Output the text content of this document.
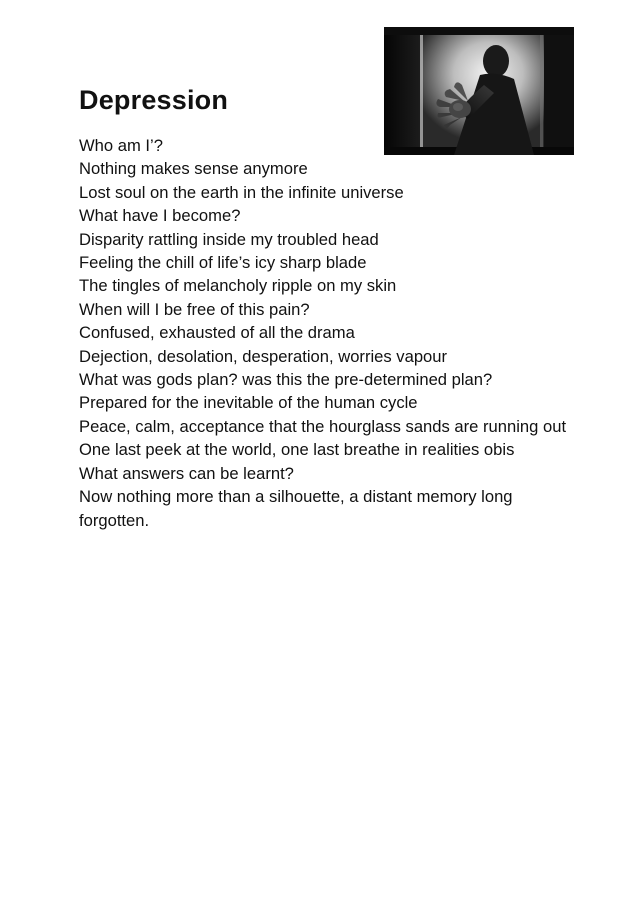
Depression
Who am I’?
Nothing makes sense anymore
Lost soul on the earth in the infinite universe
What have I become?
Disparity rattling inside my troubled head
Feeling the chill of life’s icy sharp blade
The tingles of melancholy ripple on my skin
When will I be free of this pain?
Confused, exhausted of all the drama
Dejection, desolation, desperation, worries vapour
What was gods plan? was this the pre-determined plan?
Prepared for the inevitable of the human cycle
Peace, calm, acceptance that the hourglass sands are running out
One last peek at the world, one last breathe in realities obis
What answers can be learnt?
Now nothing more than a silhouette, a distant memory long forgotten.
